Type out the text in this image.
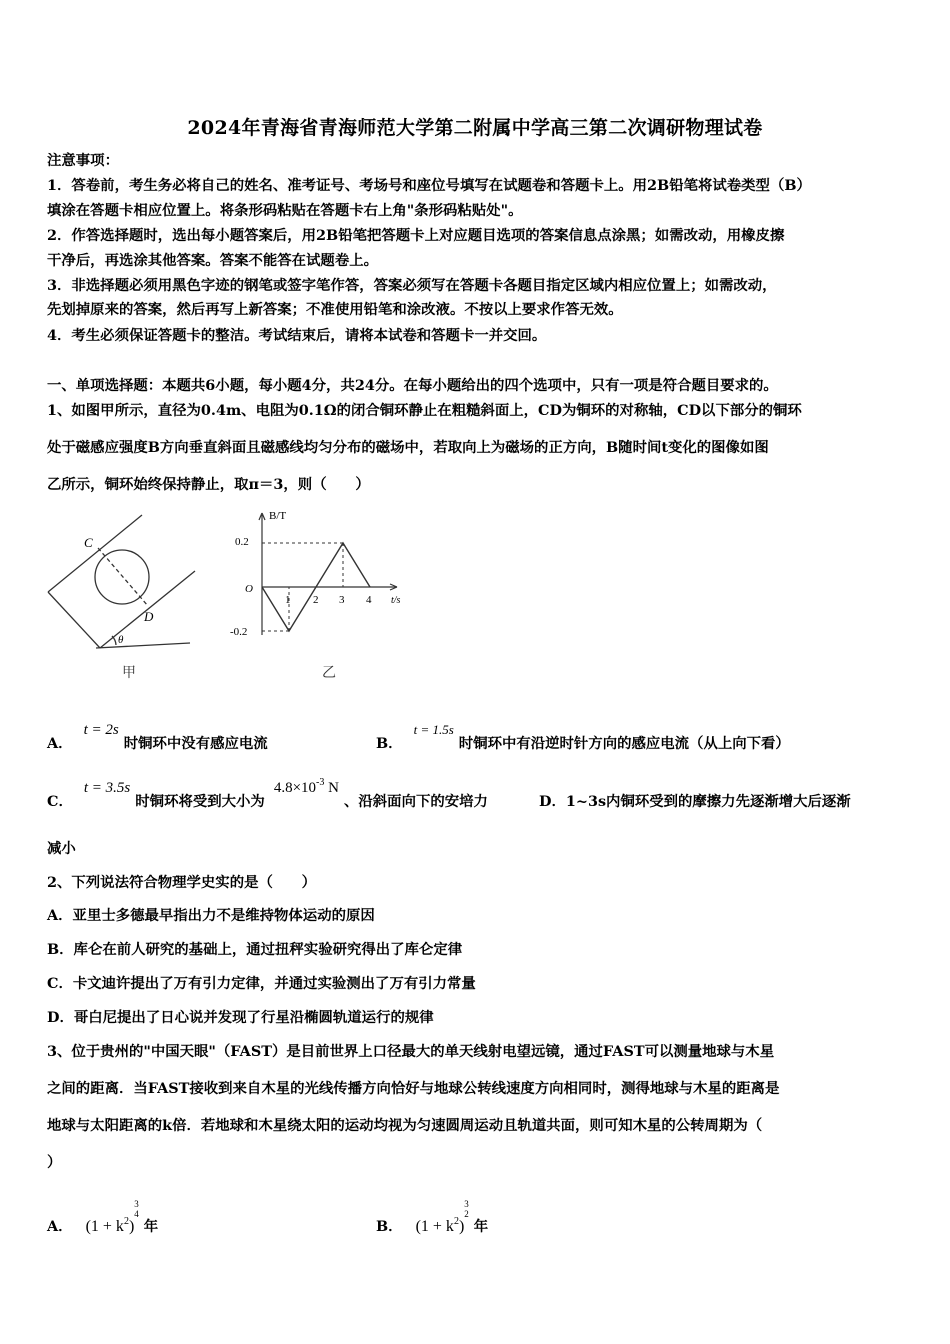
2024年青海省青海师范大学第二附属中学高三第二次调研物理试卷
注意事项：
1．答卷前，考生务必将自己的姓名、准考证号、考场号和座位号填写在试题卷和答题卡上。用2B铅笔将试卷类型（B）
填涂在答题卡相应位置上。将条形码粘贴在答题卡右上角"条形码粘贴处"。
2．作答选择题时，选出每小题答案后，用2B铅笔把答题卡上对应题目选项的答案信息点涂黑；如需改动，用橡皮擦
干净后，再选涂其他答案。答案不能答在试题卷上。
3．非选择题必须用黑色字迹的钢笔或签字笔作答，答案必须写在答题卡各题目指定区域内相应位置上；如需改动，
先划掉原来的答案，然后再写上新答案；不准使用铅笔和涂改液。不按以上要求作答无效。
4．考生必须保证答题卡的整洁。考试结束后，请将本试卷和答题卡一并交回。
一、单项选择题：本题共6小题，每小题4分，共24分。在每小题给出的四个选项中，只有一项是符合题目要求的。
1、如图甲所示，直径为0.4m、电阻为0.1Ω的闭合铜环静止在粗糙斜面上，CD为铜环的对称轴，CD以下部分的铜环
处于磁感应强度B方向垂直斜面且磁感线均匀分布的磁场中，若取向上为磁场的正方向，B随时间t变化的图像如图
乙所示，铜环始终保持静止，取π＝3，则（　　）
C
D
θ
甲
B/T
t/s
0.2
O
-0.2
1 2 3 4
乙
A． t = 2s 时铜环中没有感应电流	B． t = 1.5s 时铜环中有沿逆时针方向的感应电流（从上向下看）
C． t = 3.5s 时铜环将受到大小为 $4.8\times 10^{-3}$ N 、沿斜面向下的安培力	D．1~3s内铜环受到的摩擦力先逐渐增大后逐渐
减小
2、下列说法符合物理学史实的是（　　）
A．亚里士多德最早指出力不是维持物体运动的原因
B．库仑在前人研究的基础上，通过扭秤实验研究得出了库仑定律
C．卡文迪许提出了万有引力定律，并通过实验测出了万有引力常量
D．哥白尼提出了日心说并发现了行星沿椭圆轨道运行的规律
3、位于贵州的"中国天眼"（FAST）是目前世界上口径最大的单天线射电望远镜，通过FAST可以测量地球与木星
之间的距离．当FAST接收到来自木星的光线传播方向恰好与地球公转线速度方向相同时，测得地球与木星的距离是
地球与太阳距离的k倍．若地球和木星绕太阳的运动均视为匀速圆周运动且轨道共面，则可知木星的公转周期为（
）
A． $(1 + k^2)$
3
4
年	B． $(1 + k^2)$
3
2
年
